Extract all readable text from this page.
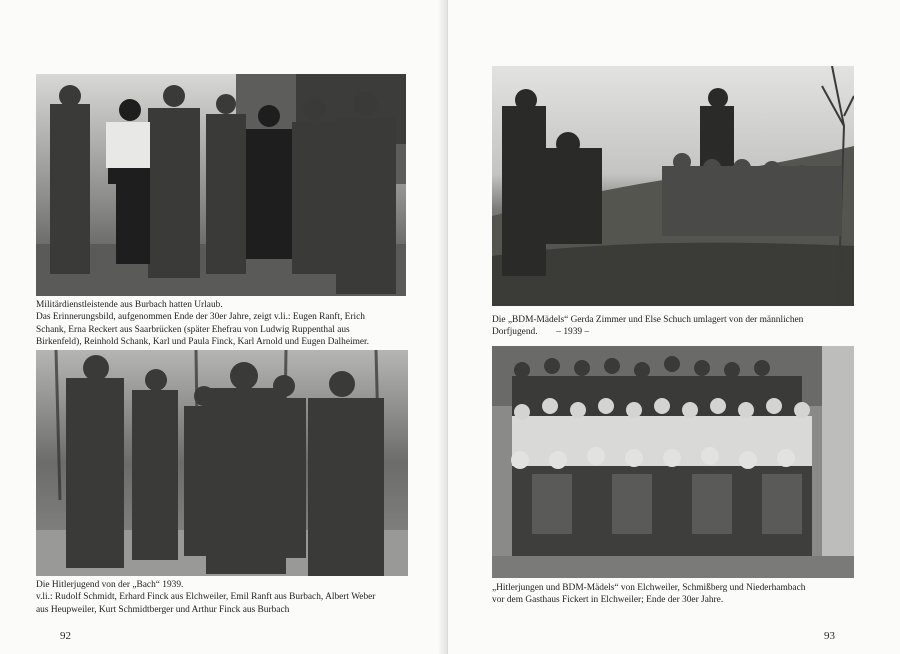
Militärdienstleistende aus Burbach hatten Urlaub.

Das Erinnerungsbild, aufgenommen Ende der 30er Jahre, zeigt v.li.: Eugen Ranft, Erich

Schank, Erna Reckert aus Saarbrücken (später Ehefrau von Ludwig Ruppenthal aus

Birkenfeld), Reinhold Schank, Karl und Paula Finck, Karl Arnold und Eugen Dalheimer.

Die Hitlerjugend von der „Bach“ 1939.

v.li.: Rudolf Schmidt, Erhard Finck aus Elchweiler, Emil Ranft aus Burbach, Albert Weber

aus Heupweiler, Kurt Schmidtberger und Arthur Finck aus Burbach

92

Die „BDM-Mädels“ Gerda Zimmer und Else Schuch umlagert von der männlichen

Dorfjugend.        – 1939 –

„Hitlerjungen und BDM-Mädels“ von Elchweiler, Schmißberg und Niederhambach

vor dem Gasthaus Fickert in Elchweiler; Ende der 30er Jahre.

93
